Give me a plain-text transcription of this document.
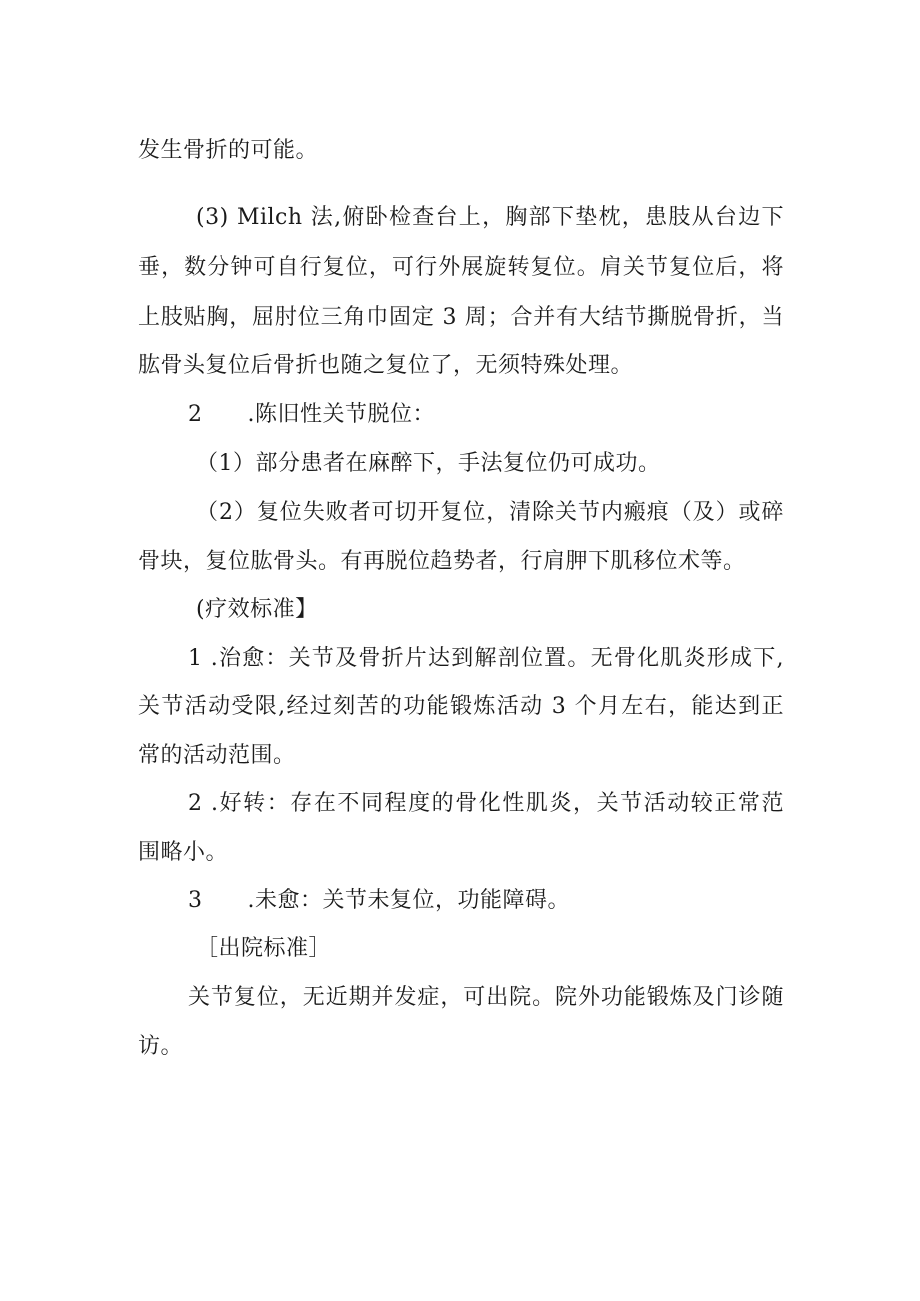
发生骨折的可能。
(3) Milch 法,俯卧检查台上，胸部下垫枕，患肢从台边下
垂，数分钟可自行复位，可行外展旋转复位。肩关节复位后，将
上肢贴胸，屈肘位三角巾固定 3 周；合并有大结节撕脱骨折，当
肱骨头复位后骨折也随之复位了，无须特殊处理。
2      .陈旧性关节脱位：
（1）部分患者在麻醉下，手法复位仍可成功。
（2）复位失败者可切开复位，清除关节内瘢痕（及）或碎
骨块，复位肱骨头。有再脱位趋势者，行肩胛下肌移位术等。
(疗效标准】
1 .治愈：关节及骨折片达到解剖位置。无骨化肌炎形成下,
关节活动受限,经过刻苦的功能锻炼活动 3 个月左右，能达到正
常的活动范围。
2 .好转：存在不同程度的骨化性肌炎，关节活动较正常范
围略小。
3      .未愈：关节未复位，功能障碍。
［出院标准］
关节复位，无近期并发症，可出院。院外功能锻炼及门诊随
访。
